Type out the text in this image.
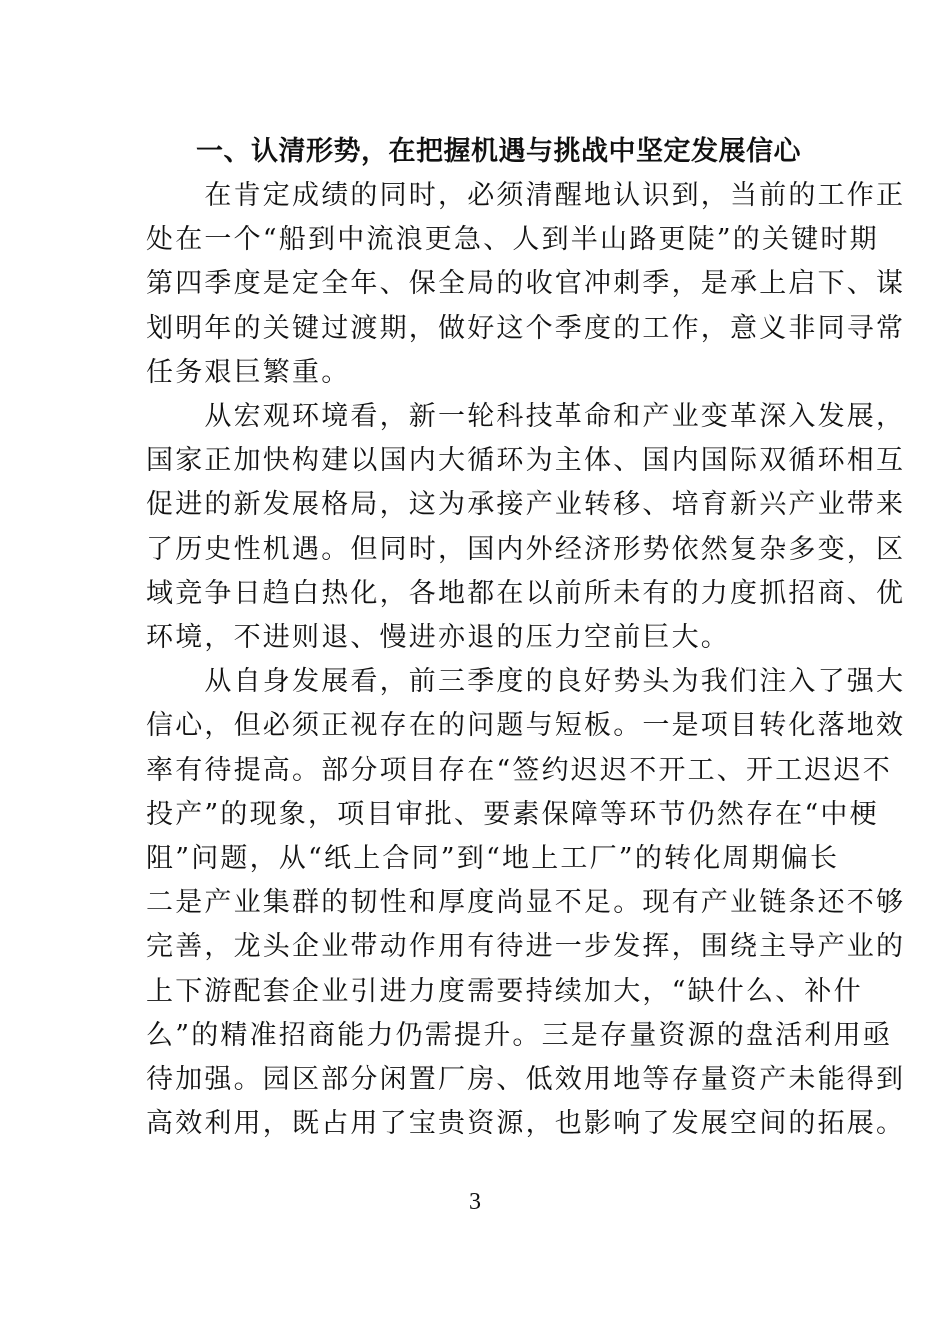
一、认清形势，在把握机遇与挑战中坚定发展信心
　　在肯定成绩的同时，必须清醒地认识到，当前的工作正
处在一个“船到中流浪更急、人到半山路更陡”的关键时期
第四季度是定全年、保全局的收官冲刺季，是承上启下、谋
划明年的关键过渡期，做好这个季度的工作，意义非同寻常
任务艰巨繁重。
　　从宏观环境看，新一轮科技革命和产业变革深入发展，
国家正加快构建以国内大循环为主体、国内国际双循环相互
促进的新发展格局，这为承接产业转移、培育新兴产业带来
了历史性机遇。但同时，国内外经济形势依然复杂多变，区
域竞争日趋白热化，各地都在以前所未有的力度抓招商、优
环境，不进则退、慢进亦退的压力空前巨大。
　　从自身发展看，前三季度的良好势头为我们注入了强大
信心，但必须正视存在的问题与短板。一是项目转化落地效
率有待提高。部分项目存在“签约迟迟不开工、开工迟迟不
投产”的现象，项目审批、要素保障等环节仍然存在“中梗
阻”问题，从“纸上合同”到“地上工厂”的转化周期偏长
二是产业集群的韧性和厚度尚显不足。现有产业链条还不够
完善，龙头企业带动作用有待进一步发挥，围绕主导产业的
上下游配套企业引进力度需要持续加大，“缺什么、补什
么”的精准招商能力仍需提升。三是存量资源的盘活利用亟
待加强。园区部分闲置厂房、低效用地等存量资产未能得到
高效利用，既占用了宝贵资源，也影响了发展空间的拓展。
3
